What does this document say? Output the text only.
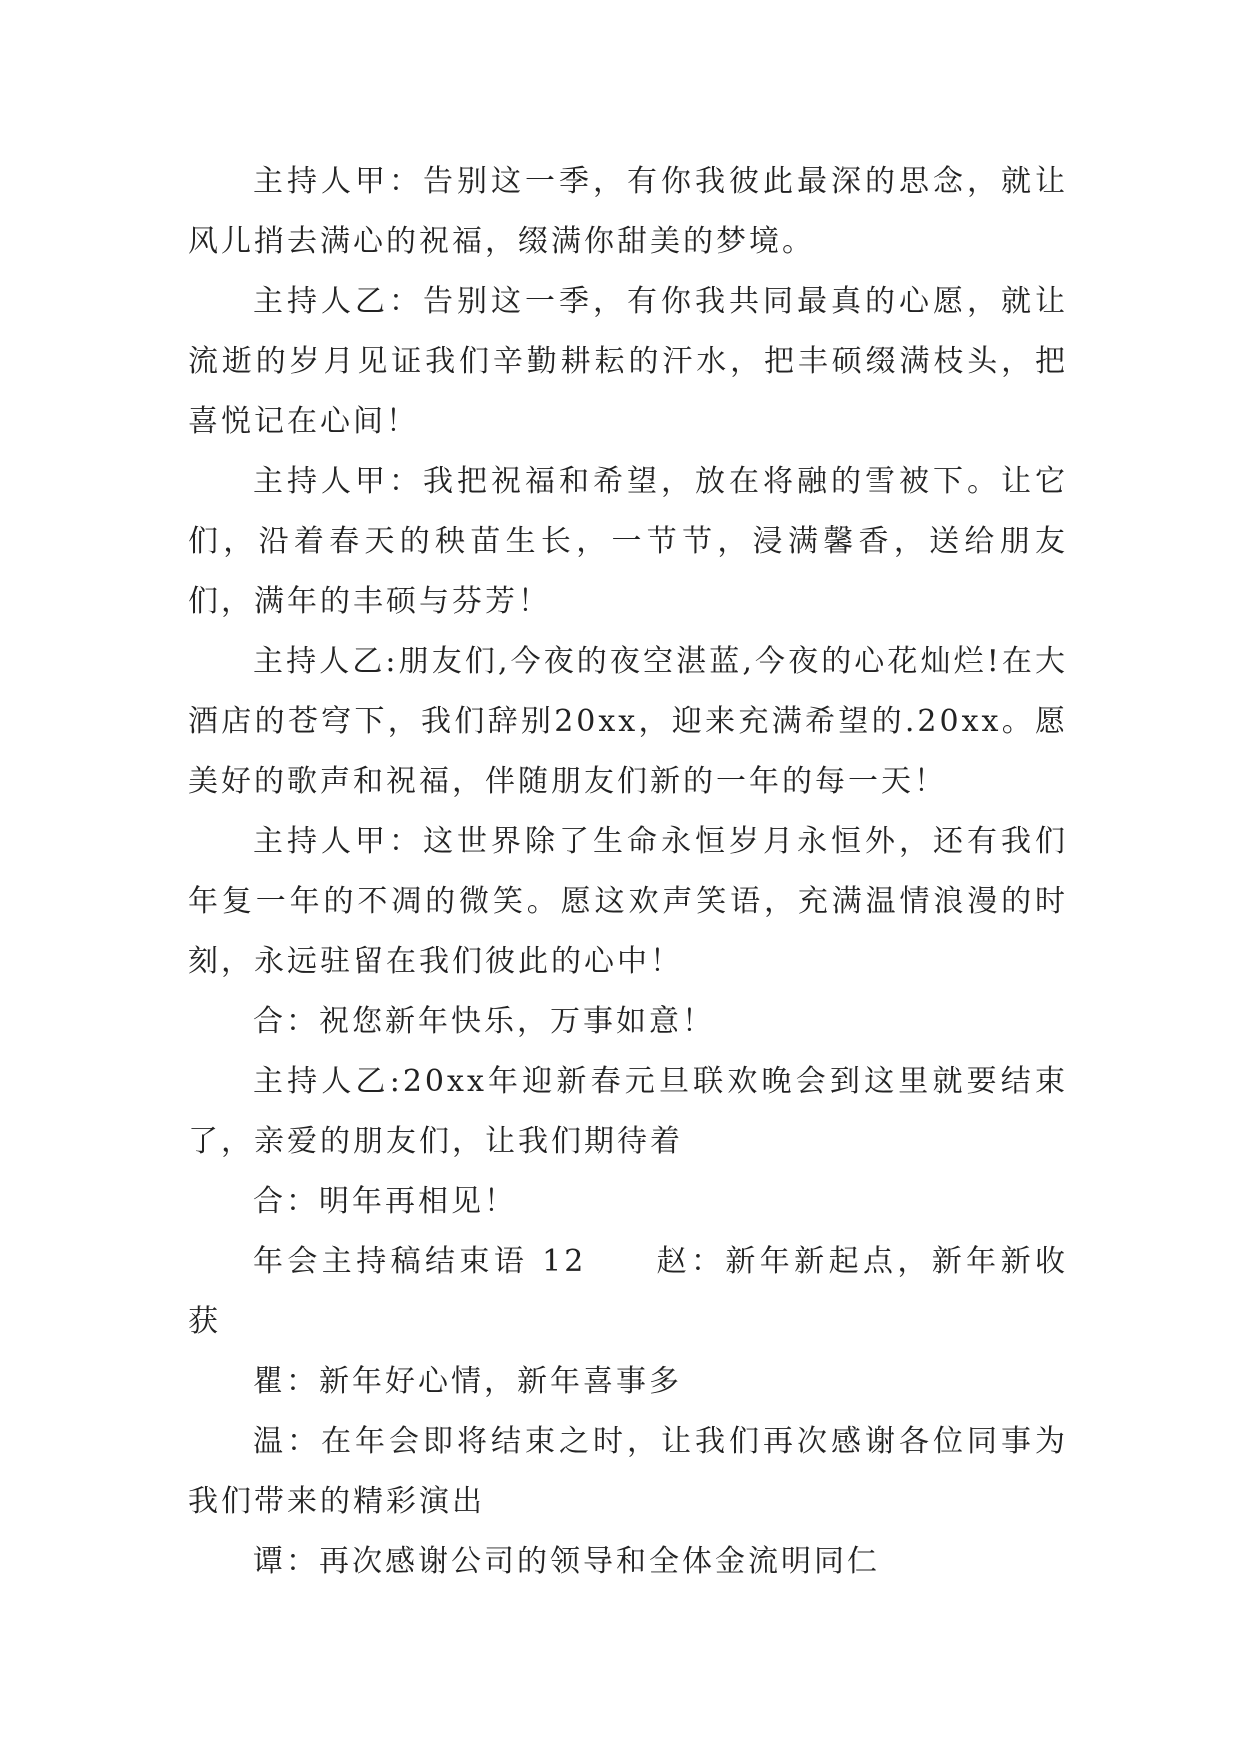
主持人甲：告别这一季，有你我彼此最深的思念，就让风儿捎去满心的祝福，缀满你甜美的梦境。

主持人乙：告别这一季，有你我共同最真的心愿，就让流逝的岁月见证我们辛勤耕耘的汗水，把丰硕缀满枝头，把喜悦记在心间！

主持人甲：我把祝福和希望，放在将融的雪被下。让它们，沿着春天的秧苗生长，一节节，浸满馨香，送给朋友们，满年的丰硕与芬芳！

主持人乙:朋友们,今夜的夜空湛蓝,今夜的心花灿烂!在大酒店的苍穹下，我们辞别20xx，迎来充满希望的.20xx。愿美好的歌声和祝福，伴随朋友们新的一年的每一天！

主持人甲：这世界除了生命永恒岁月永恒外，还有我们年复一年的不凋的微笑。愿这欢声笑语，充满温情浪漫的时刻，永远驻留在我们彼此的心中！

合：祝您新年快乐，万事如意！

主持人乙:20xx年迎新春元旦联欢晚会到这里就要结束了，亲爱的朋友们，让我们期待着

合：明年再相见！

年会主持稿结束语 12　　赵：新年新起点，新年新收获

瞿：新年好心情，新年喜事多

温：在年会即将结束之时，让我们再次感谢各位同事为我们带来的精彩演出

谭：再次感谢公司的领导和全体金流明同仁
